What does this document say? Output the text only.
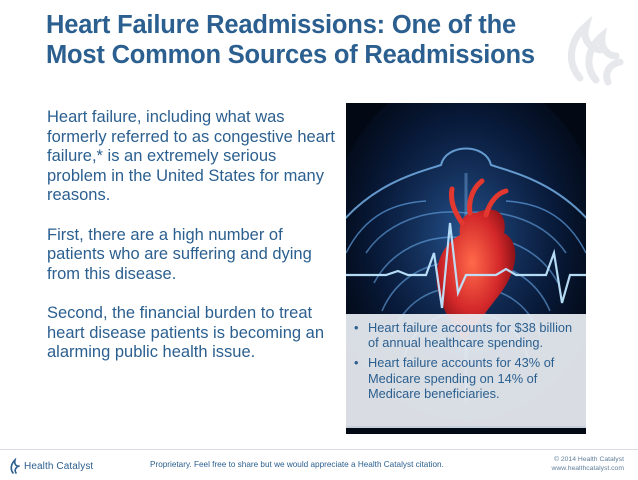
Heart Failure Readmissions: One of the
Most Common Sources of Readmissions

Heart failure, including what was formerly referred to as congestive heart failure,* is an extremely serious problem in the United States for many reasons.

First, there are a high number of patients who are suffering and dying from this disease.

Second, the financial burden to treat heart disease patients is becoming an alarming public health issue.

• Heart failure accounts for $38 billion of annual healthcare spending.
• Heart failure accounts for 43% of Medicare spending on 14% of Medicare beneficiaries.
Health Catalyst	Proprietary. Feel free to share but we would appreciate a Health Catalyst citation.
© 2014 Health Catalyst
www.healthcatalyst.com
